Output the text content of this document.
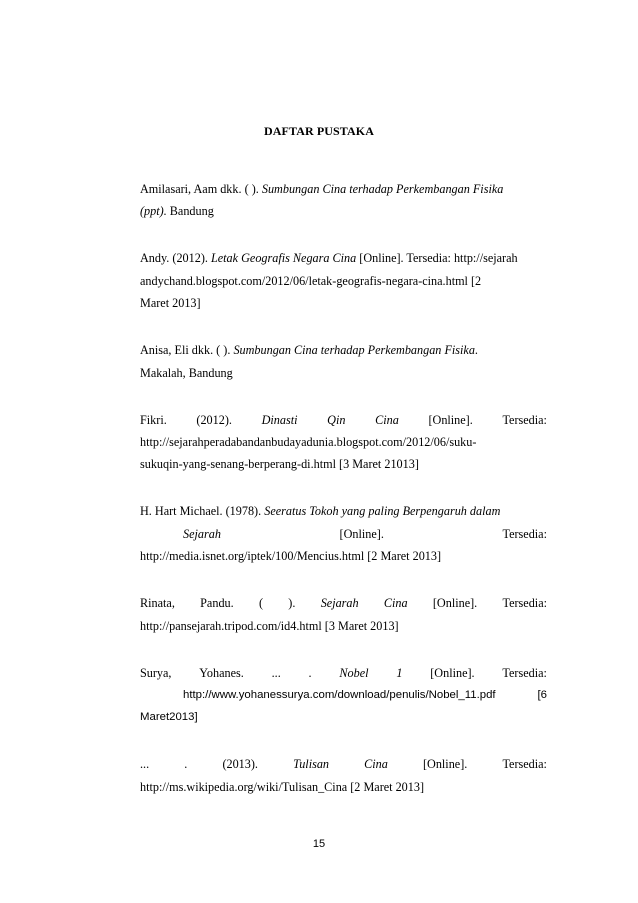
DAFTAR PUSTAKA
Amilasari, Aam dkk. ( ). Sumbungan Cina terhadap Perkembangan Fisika
(ppt). Bandung
Andy. (2012). Letak Geografis Negara Cina [Online]. Tersedia: http://sejarah
andychand.blogspot.com/2012/06/letak-geografis-negara-cina.html [2
Maret 2013]
Anisa, Eli dkk. ( ). Sumbungan Cina terhadap Perkembangan Fisika.
Makalah, Bandung
Fikri. (2012). Dinasti Qin Cina [Online]. Tersedia:
http://sejarahperadabandanbudayadunia.blogspot.com/2012/06/suku-
sukuqin-yang-senang-berperang-di.html [3 Maret 21013]
H. Hart Michael. (1978). Seeratus Tokoh yang paling Berpengaruh dalam
Sejarah	[Online].	Tersedia:
http://media.isnet.org/iptek/100/Mencius.html [2 Maret 2013]
Rinata, Pandu. ( ). Sejarah Cina [Online]. Tersedia:
http://pansejarah.tripod.com/id4.html [3 Maret 2013]
Surya, Yohanes. ... . Nobel 1 [Online]. Tersedia:
http://www.yohanessurya.com/download/penulis/Nobel_11.pdf	[6
Maret2013]
...	.	(2013).	Tulisan	Cina	[Online].	Tersedia:
http://ms.wikipedia.org/wiki/Tulisan_Cina [2 Maret 2013]
15
